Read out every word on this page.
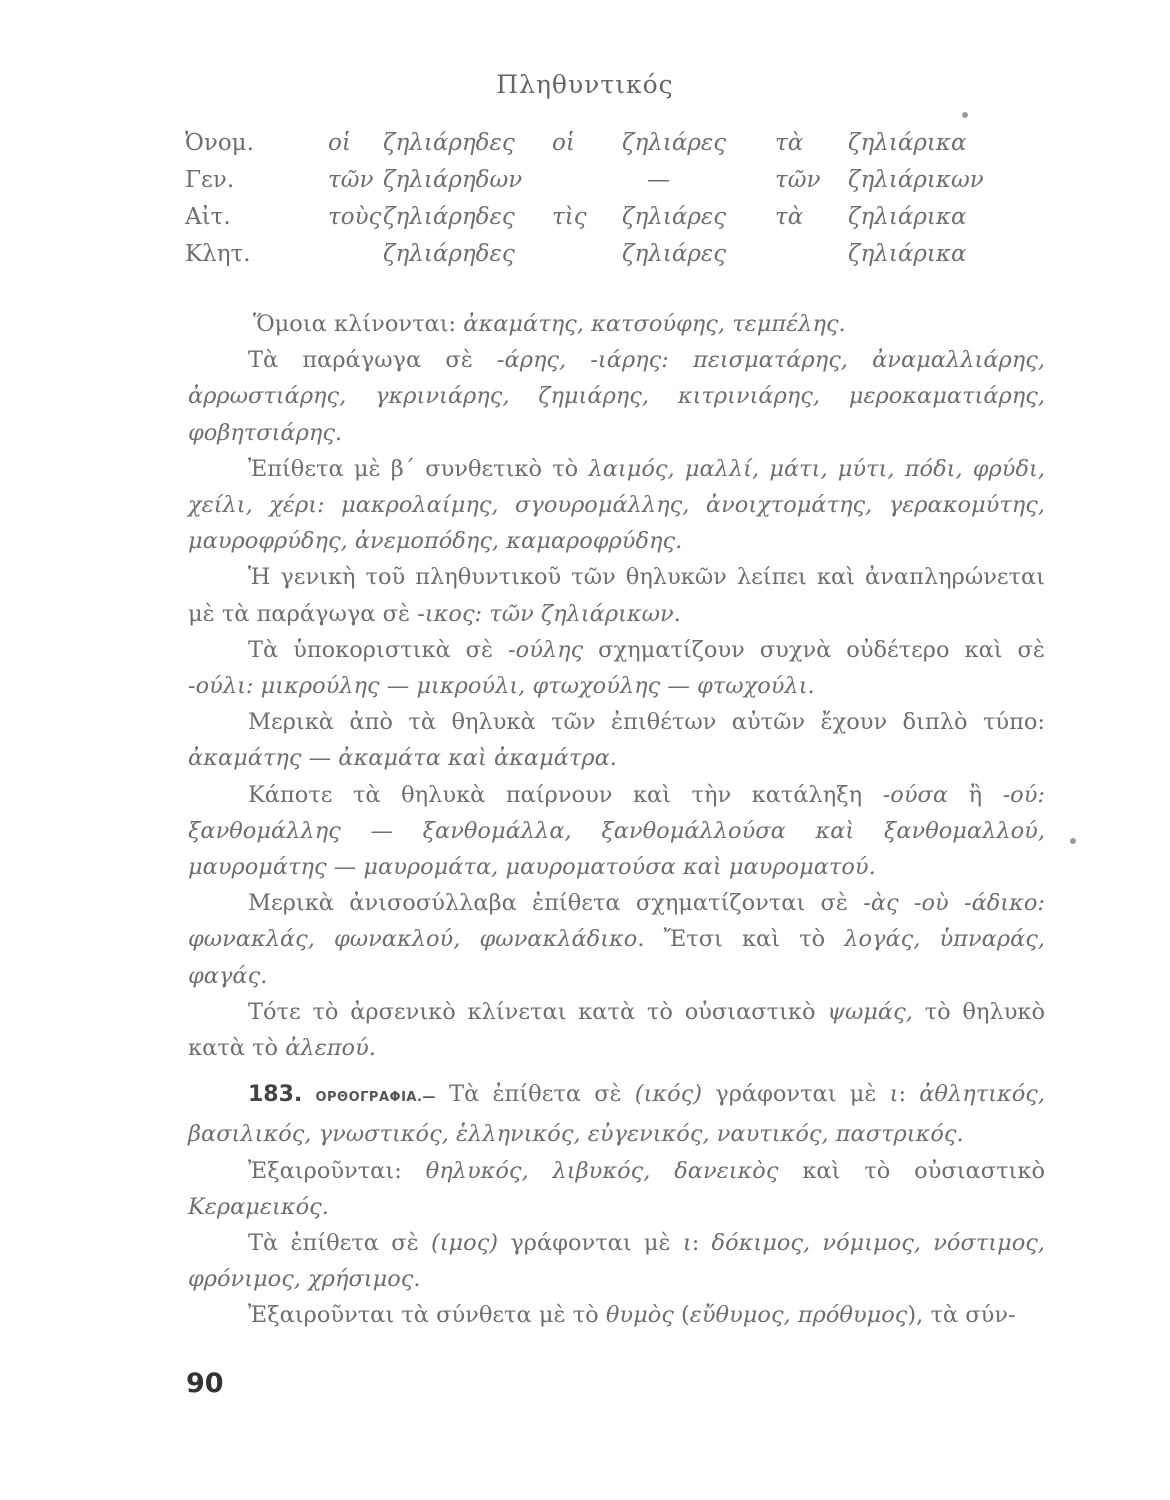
Πληθυντικός
Ὀνομ.	οἱ ζηλιάρηδες οἱ ζηλιάρες τὰ ζηλιάρικα
Γεν.	τῶν ζηλιάρηδων	—	τῶν ζηλιάρικων
Αἰτ.	τοὺς ζηλιάρηδες τὶς ζηλιάρες τὰ ζηλιάρικα
Κλητ.	ζηλιάρηδες	ζηλιάρες	ζηλιάρικα

Ὅμοια κλίνονται: ἀκαμάτης, κατσούφης, τεμπέλης.

Τὰ παράγωγα σὲ -άρης, -ιάρης: πεισματάρης, ἀναμαλλιάρης, ἀρρωστιάρης, γκρινιάρης, ζημιάρης, κιτρινιάρης, μεροκαματιάρης, φοβητσιάρης.

Ἐπίθετα μὲ β΄ συνθετικὸ τὸ λαιμός, μαλλί, μάτι, μύτι, πόδι, φρύδι, χείλι, χέρι: μακρολαίμης, σγουρομάλλης, ἀνοιχτομάτης, γερακομύτης, μαυροφρύδης, ἀνεμοπόδης, καμαροφρύδης.

Ἡ γενικὴ τοῦ πληθυντικοῦ τῶν θηλυκῶν λείπει καὶ ἀναπληρώνεται μὲ τὰ παράγωγα σὲ -ικος: τῶν ζηλιάρικων.

Τὰ ὑποκοριστικὰ σὲ -ούλης σχηματίζουν συχνὰ οὐδέτερο καὶ σὲ -ούλι: μικρούλης — μικρούλι, φτωχούλης — φτωχούλι.

Μερικὰ ἀπὸ τὰ θηλυκὰ τῶν ἐπιθέτων αὐτῶν ἔχουν διπλὸ τύπο: ἀκαμάτης — ἀκαμάτα καὶ ἀκαμάτρα.

Κάποτε τὰ θηλυκὰ παίρνουν καὶ τὴν κατάληξη -ούσα ἢ -ού: ξανθομάλλης — ξανθομάλλα, ξανθομάλλούσα καὶ ξανθομαλλού, μαυρομάτης — μαυρομάτα, μαυροματούσα καὶ μαυροματού.

Μερικὰ ἀνισοσύλλαβα ἐπίθετα σχηματίζονται σὲ -ὰς -οὺ -άδικο: φωνακλάς, φωνακλού, φωνακλάδικο. Ἔτσι καὶ τὸ λογάς, ὑπναράς, φαγάς.

Τότε τὸ ἀρσενικὸ κλίνεται κατὰ τὸ οὐσιαστικὸ ψωμάς, τὸ θηλυκὸ κατὰ τὸ ἀλεπού.

183. ΟΡΘΟΓΡΑΦΙΑ.— Τὰ ἐπίθετα σὲ (ικός) γράφονται μὲ ι: ἀθλητικός, βασιλικός, γνωστικός, ἑλληνικός, εὐγενικός, ναυτικός, παστρικός.

Ἐξαιροῦνται: θηλυκός, λιβυκός, δανεικὸς καὶ τὸ οὐσιαστικὸ Κεραμεικός.

Τὰ ἐπίθετα σὲ (ιμος) γράφονται μὲ ι: δόκιμος, νόμιμος, νόστιμος, φρόνιμος, χρήσιμος.

Ἐξαιροῦνται τὰ σύνθετα μὲ τὸ θυμὸς (εὔθυμος, πρόθυμος), τὰ σύν-

90
